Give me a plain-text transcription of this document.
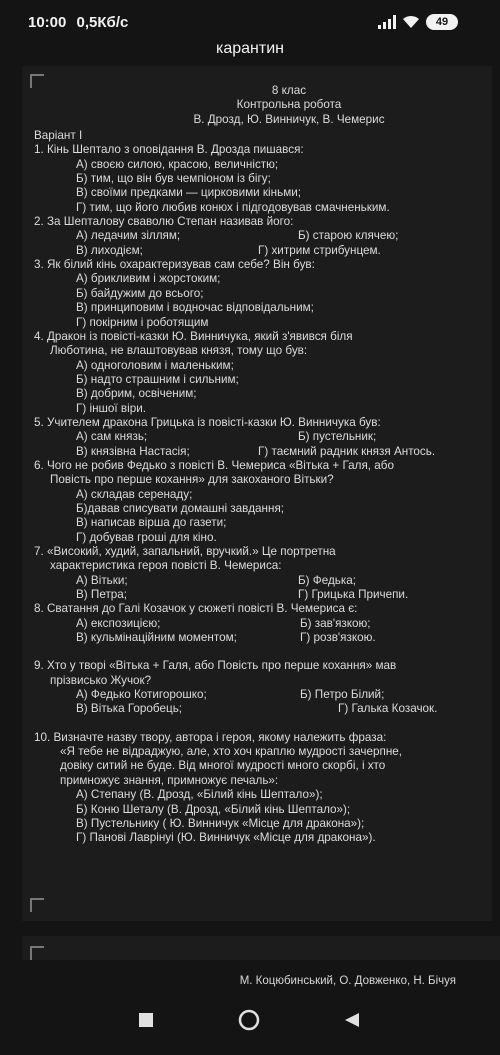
10:00 0,5Кб/с	49
карантин
8 клас
Контрольна робота
В. Дрозд, Ю. Винничук, В. Чемерис
Варіант І
1. Кінь Шептало з оповідання В. Дрозда пишався:
А) своєю силою, красою, величністю;
Б) тим, що він був чемпіоном із бігу;
В) своїми предками — цирковими кіньми;
Г) тим, що його любив конюх і підгодовував смачненьким.
2. За Шепталову сваволю Степан називав його:
А) ледачим зіллям;	Б) старою клячею;
В) лиходієм;	Г) хитрим стрибунцем.
3. Як білий кінь охарактеризував сам себе? Він був:
А) брикливим і жорстоким;
Б) байдужим до всього;
В) принциповим і водночас відповідальним;
Г) покірним і роботящим
4. Дракон із повісті-казки Ю. Винничука, який з'явився біля
Люботина, не влаштовував князя, тому що був:
А) одноголовим і маленьким;
Б) надто страшним і сильним;
В) добрим, освіченим;
Г) іншої віри.
5. Учителем дракона Грицька із повісті-казки Ю. Винничука був:
А) сам князь;	Б) пустельник;
В) князівна Настасія;	Г) таємний радник князя Антось.
6. Чого не робив Федько з повісті В. Чемериса «Вітька + Галя, або
Повість про перше кохання» для закоханого Вітьки?
А) складав серенаду;
Б)давав списувати домашні завдання;
В) написав вірша до газети;
Г) добував гроші для кіно.
7. «Високий, худий, запальний, вручкий.» Це портретна
характеристика героя повісті В. Чемериса:
А) Вітьки;	Б) Федька;
В) Петра;	Г) Грицька Причепи.
8. Сватання до Галі Козачок у сюжеті повісті В. Чемериса є:
А) експозицією;	Б) зав'язкою;
В) кульмінаційним моментом;	Г) розв'язкою.
9. Хто у творі «Вітька + Галя, або Повість про перше кохання» мав
прізвисько Жучок?
А) Федько Котигорошко;	Б) Петро Білий;
В) Вітька Горобець;	Г) Галька Козачок.
10. Визначте назву твору, автора і героя, якому належить фраза:
«Я тебе не відраджую, але, хто хоч краплю мудрості зачерпне,
довіку ситий не буде. Від многої мудрості много скорбі, і хто
примножує знання, примножує печаль»:
А) Степану (В. Дрозд, «Білий кінь Шептало»);
Б) Коню Шеталу (В. Дрозд, «Білий кінь Шептало»);
В) Пустельнику ( Ю. Винничук «Місце для дракона»);
Г) Панові Лаврінуі (Ю. Винничук «Місце для дракона»).
М. Коцюбинський, О. Довженко, Н. Бічуя
